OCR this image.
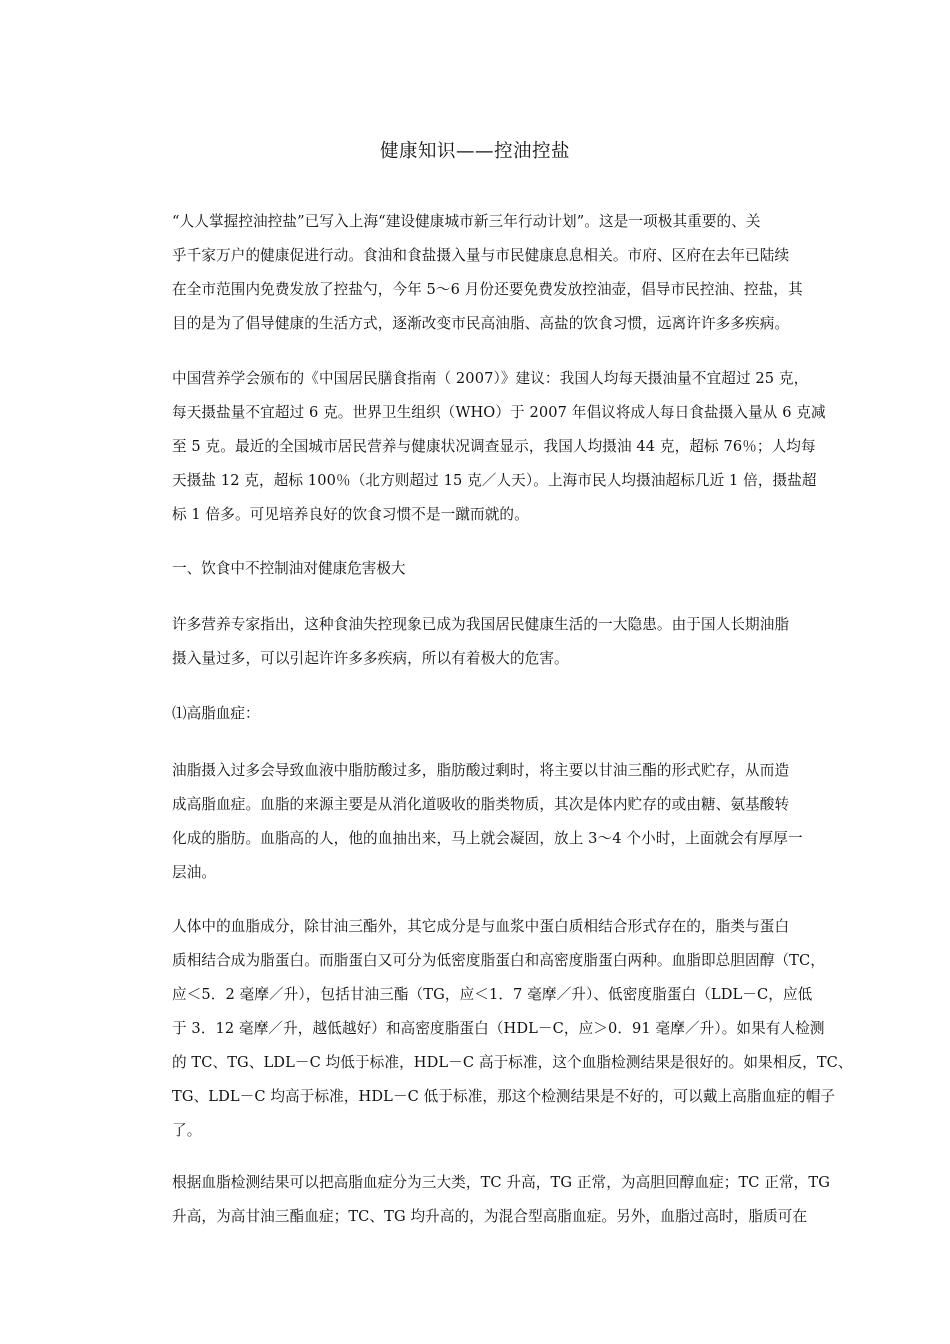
健康知识——控油控盐
“人人掌握控油控盐”已写入上海“建设健康城市新三年行动计划”。这是一项极其重要的、关
乎千家万户的健康促进行动。食油和食盐摄入量与市民健康息息相关。市府、区府在去年已陆续
在全市范围内免费发放了控盐勺，今年 5～6 月份还要免费发放控油壶，倡导市民控油、控盐，其
目的是为了倡导健康的生活方式，逐渐改变市民高油脂、高盐的饮食习惯，远离许许多多疾病。
中国营养学会颁布的《中国居民膳食指南（ 2007）》建议：我国人均每天摄油量不宜超过 25 克，
每天摄盐量不宜超过 6 克。世界卫生组织（WHO）于 2007 年倡议将成人每日食盐摄入量从 6 克减
至 5 克。最近的全国城市居民营养与健康状况调查显示，我国人均摄油 44 克，超标 76％；人均每
天摄盐 12 克，超标 100％（北方则超过 15 克／人天）。上海市民人均摄油超标几近 1 倍，摄盐超
标 1 倍多。可见培养良好的饮食习惯不是一蹴而就的。
一、饮食中不控制油对健康危害极大
许多营养专家指出，这种食油失控现象已成为我国居民健康生活的一大隐患。由于国人长期油脂
摄入量过多，可以引起许许多多疾病，所以有着极大的危害。
⑴高脂血症：
油脂摄入过多会导致血液中脂肪酸过多，脂肪酸过剩时，将主要以甘油三酯的形式贮存，从而造
成高脂血症。血脂的来源主要是从消化道吸收的脂类物质，其次是体内贮存的或由糖、氨基酸转
化成的脂肪。血脂高的人，他的血抽出来，马上就会凝固，放上 3～4 个小时，上面就会有厚厚一
层油。
人体中的血脂成分，除甘油三酯外，其它成分是与血浆中蛋白质相结合形式存在的，脂类与蛋白
质相结合成为脂蛋白。而脂蛋白又可分为低密度脂蛋白和高密度脂蛋白两种。血脂即总胆固醇（TC，
应＜5．2 毫摩／升），包括甘油三酯（TG，应＜1．7 毫摩／升）、低密度脂蛋白（LDL－C，应低
于 3．12 毫摩／升，越低越好）和高密度脂蛋白（HDL－C，应＞0．91 毫摩／升）。如果有人检测
的 TC、TG、LDL－C 均低于标准，HDL－C 高于标准，这个血脂检测结果是很好的。如果相反，TC、
TG、LDL－C 均高于标准，HDL－C 低于标准，那这个检测结果是不好的，可以戴上高脂血症的帽子
了。
根据血脂检测结果可以把高脂血症分为三大类，TC 升高，TG 正常，为高胆回醇血症；TC 正常，TG
升高，为高甘油三酯血症；TC、TG 均升高的，为混合型高脂血症。另外，血脂过高时，脂质可在
